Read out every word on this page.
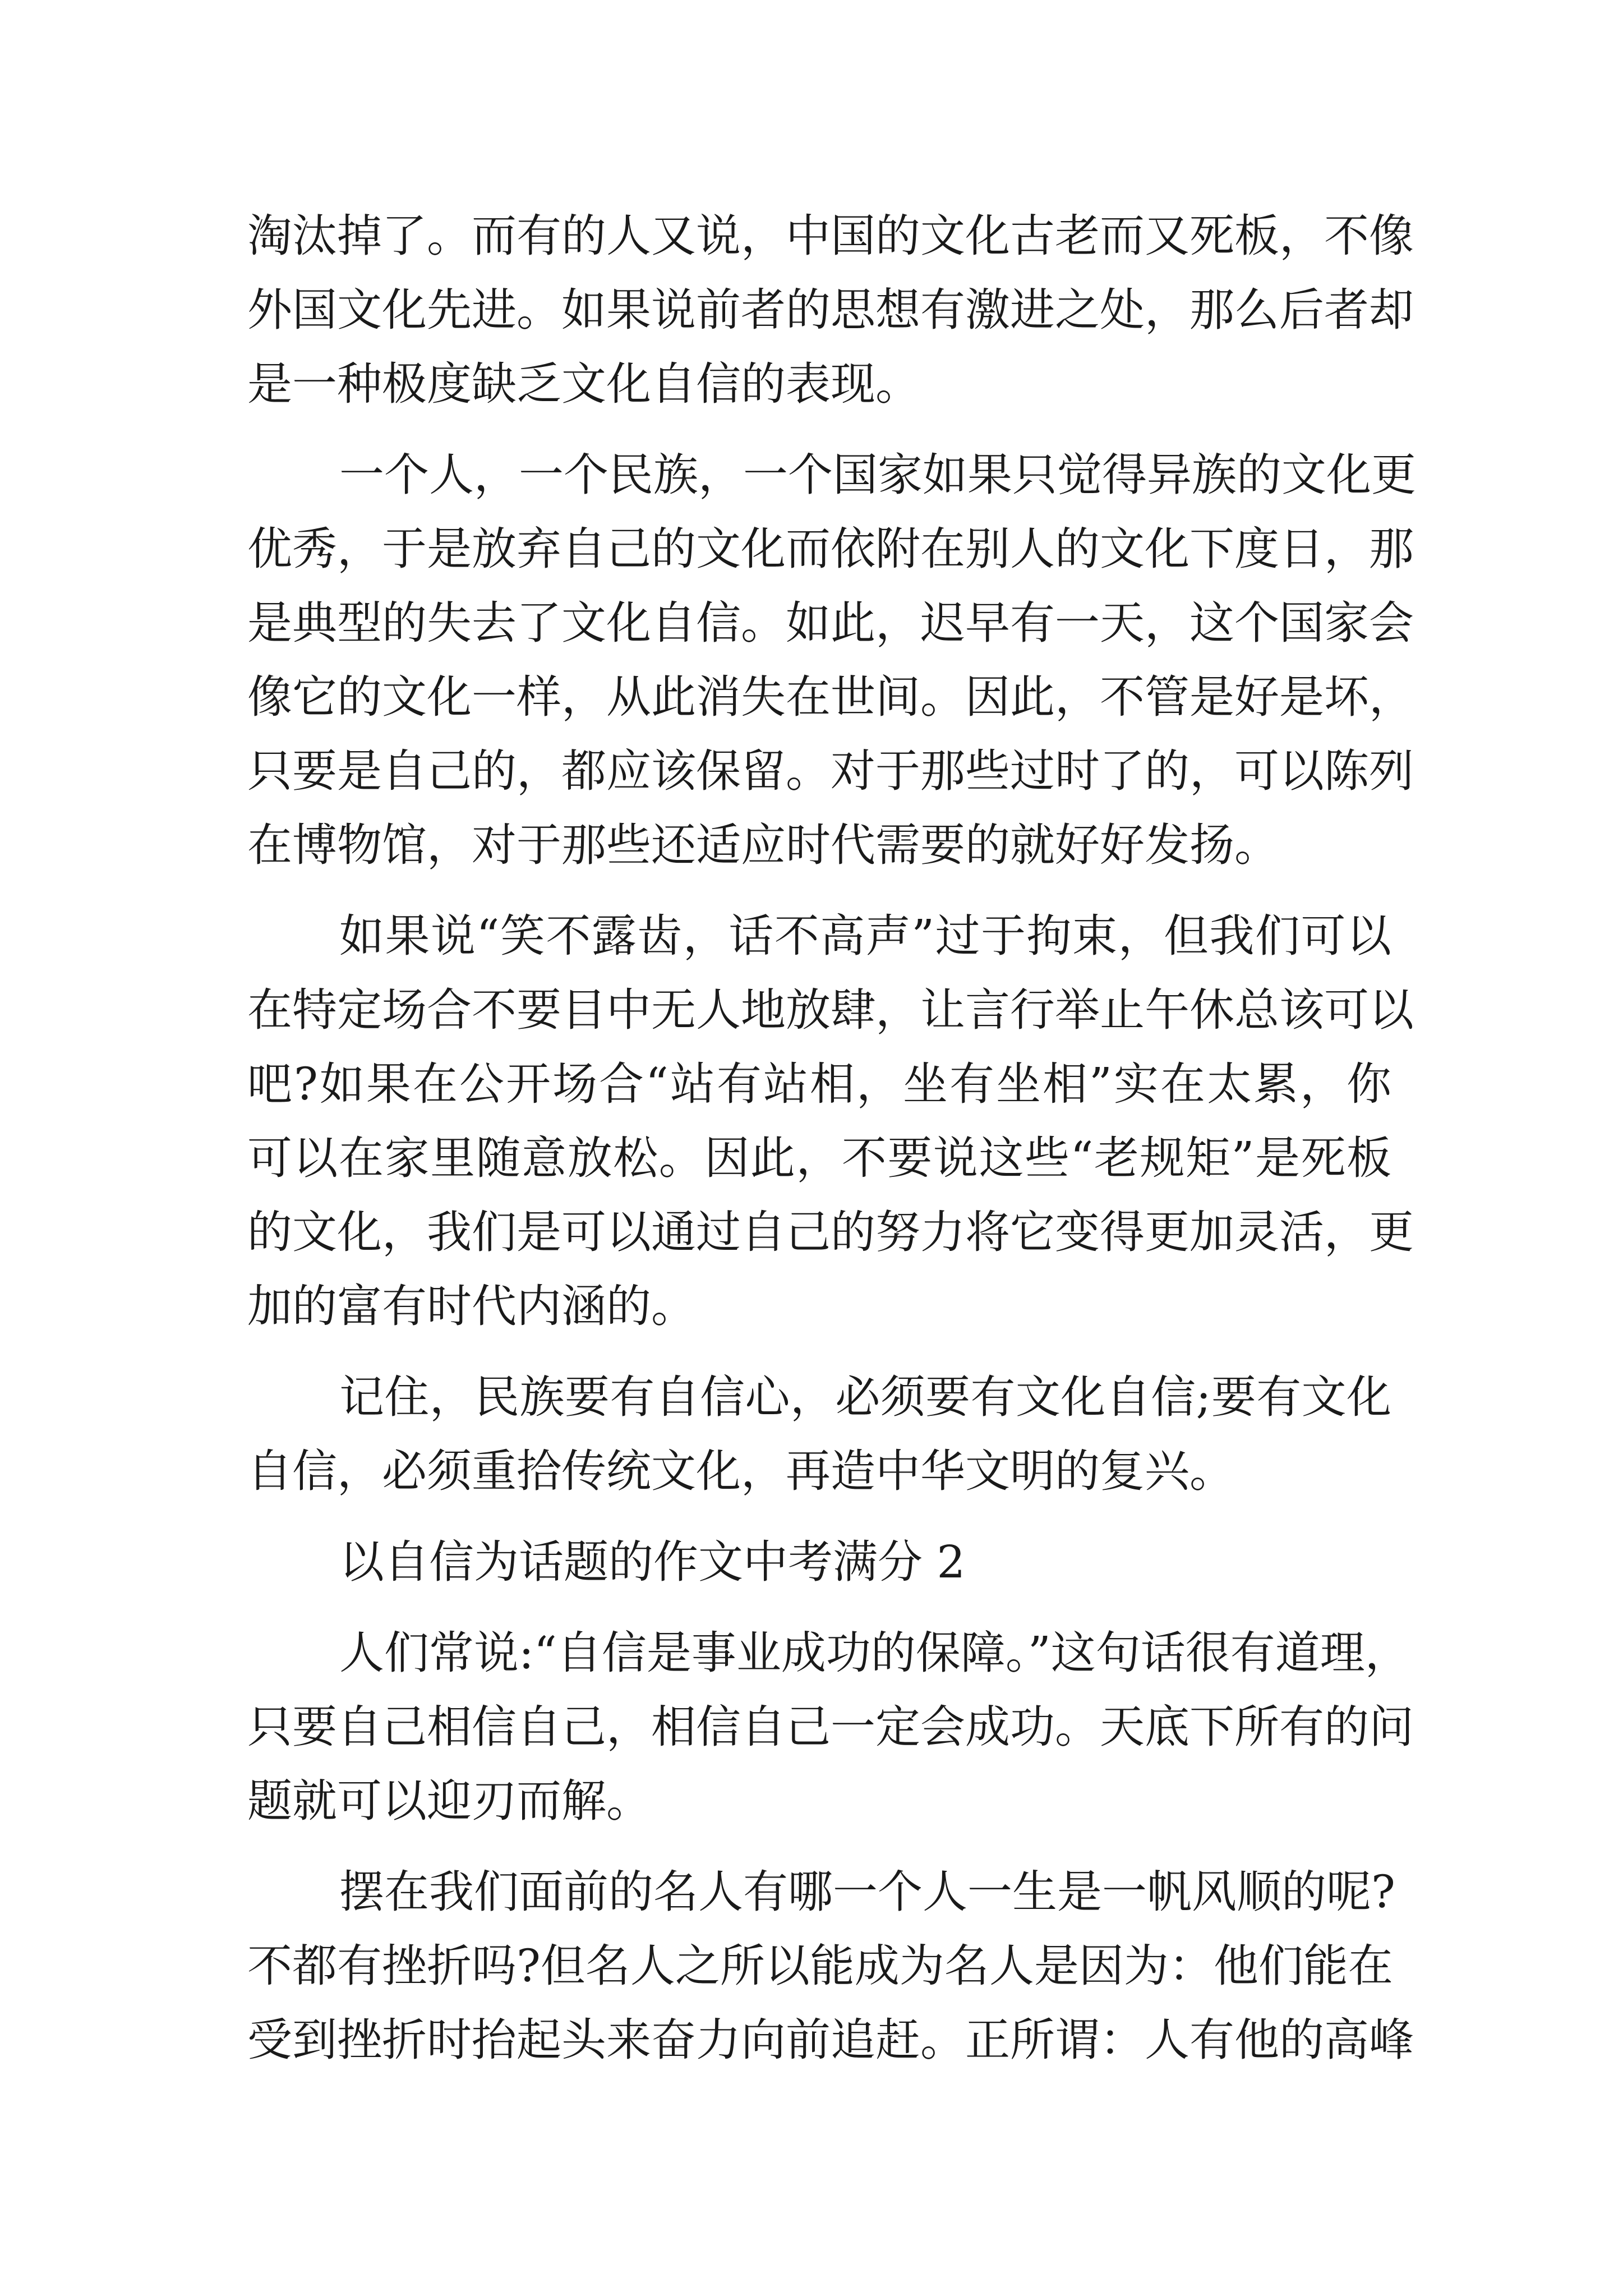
淘汰掉了。而有的人又说，中国的文化古老而又死板，不像
外国文化先进。如果说前者的思想有激进之处，那么后者却
是一种极度缺乏文化自信的表现。
一个人，一个民族，一个国家如果只觉得异族的文化更
优秀，于是放弃自己的文化而依附在别人的文化下度日，那
是典型的失去了文化自信。如此，迟早有一天，这个国家会
像它的文化一样，从此消失在世间。因此，不管是好是坏，
只要是自己的，都应该保留。对于那些过时了的，可以陈列
在博物馆，对于那些还适应时代需要的就好好发扬。
如果说“笑不露齿，话不高声”过于拘束，但我们可以
在特定场合不要目中无人地放肆，让言行举止午休总该可以
吧?如果在公开场合“站有站相，坐有坐相”实在太累，你
可以在家里随意放松。因此，不要说这些“老规矩”是死板
的文化，我们是可以通过自己的努力将它变得更加灵活，更
加的富有时代内涵的。
记住，民族要有自信心，必须要有文化自信;要有文化
自信，必须重拾传统文化，再造中华文明的复兴。
以自信为话题的作文中考满分 2
人们常说:“自信是事业成功的保障。”这句话很有道理，
只要自己相信自己，相信自己一定会成功。天底下所有的问
题就可以迎刃而解。
摆在我们面前的名人有哪一个人一生是一帆风顺的呢?
不都有挫折吗?但名人之所以能成为名人是因为：他们能在
受到挫折时抬起头来奋力向前追赶。正所谓：人有他的高峰
